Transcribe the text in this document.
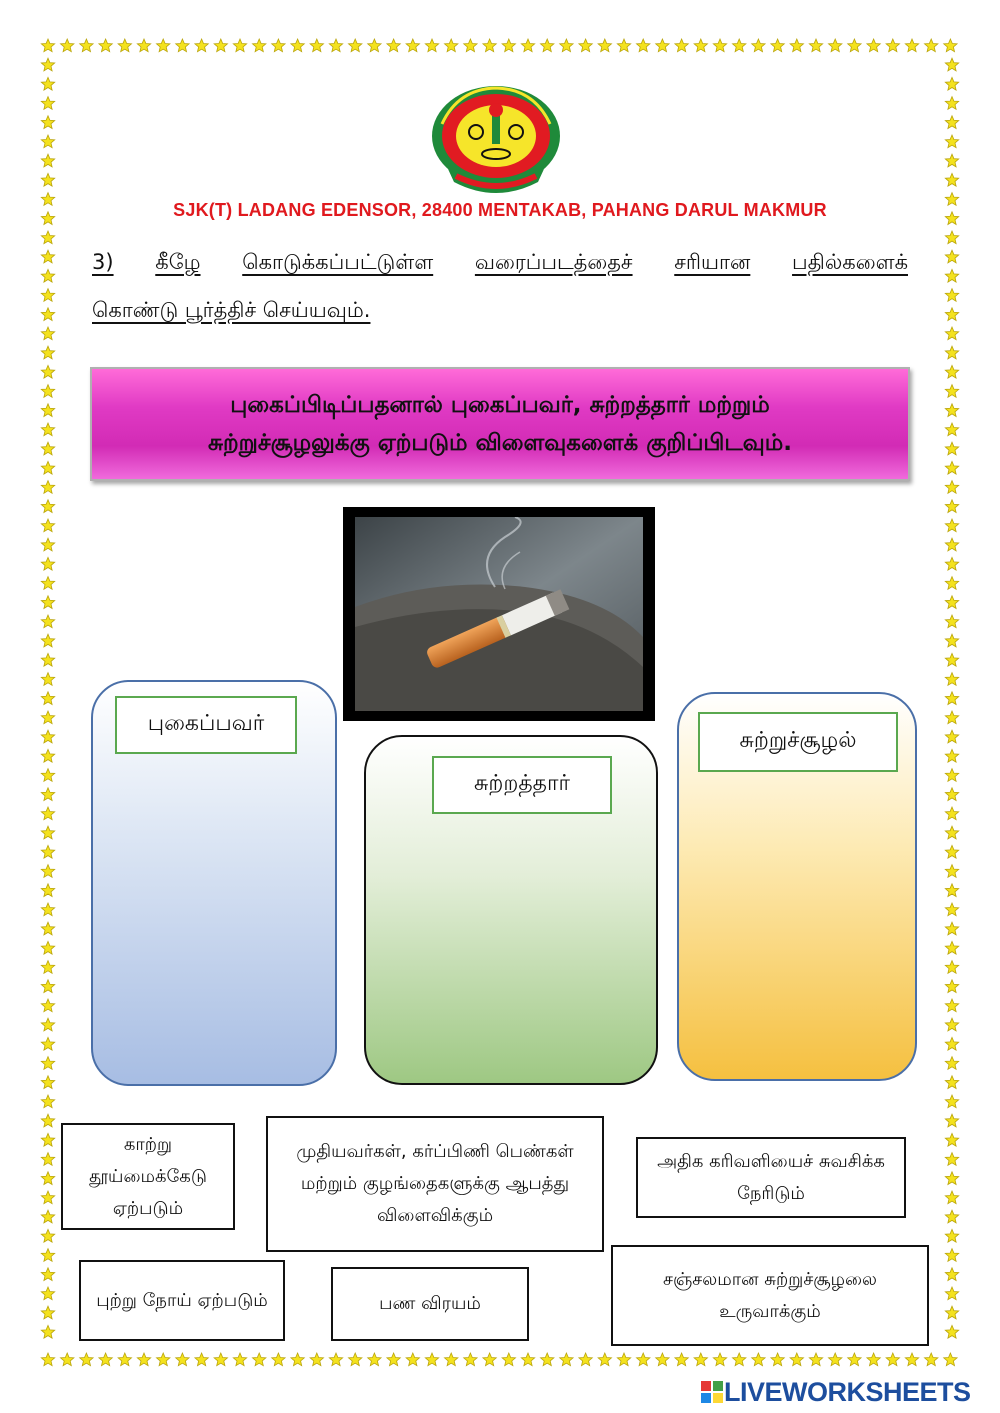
SJK(T) LADANG EDENSOR, 28400 MENTAKAB, PAHANG DARUL MAKMUR
3) கீழே கொடுக்கப்பட்டுள்ள வரைப்படத்தைச் சரியான பதில்களைக்
கொண்டு பூர்த்திச் செய்யவும்.
புகைப்பிடிப்பதனால் புகைப்பவர், சுற்றத்தார் மற்றும்
சுற்றுச்சூழலுக்கு ஏற்படும் விளைவுகளைக் குறிப்பிடவும்.
புகைப்பவர்
சுற்றத்தார்
சுற்றுச்சூழல்
காற்று தூய்மைக்கேடு ஏற்படும்
முதியவர்கள், கர்ப்பிணி பெண்கள் மற்றும் குழங்தைகளுக்கு ஆபத்து விளைவிக்கும்
அதிக கரிவளியைச் சுவசிக்க நேரிடும்
புற்று நோய் ஏற்படும்	பண விரயம்
சஞ்சலமான சுற்றுச்சூழலை உருவாக்கும்
LIVEWORKSHEETS
